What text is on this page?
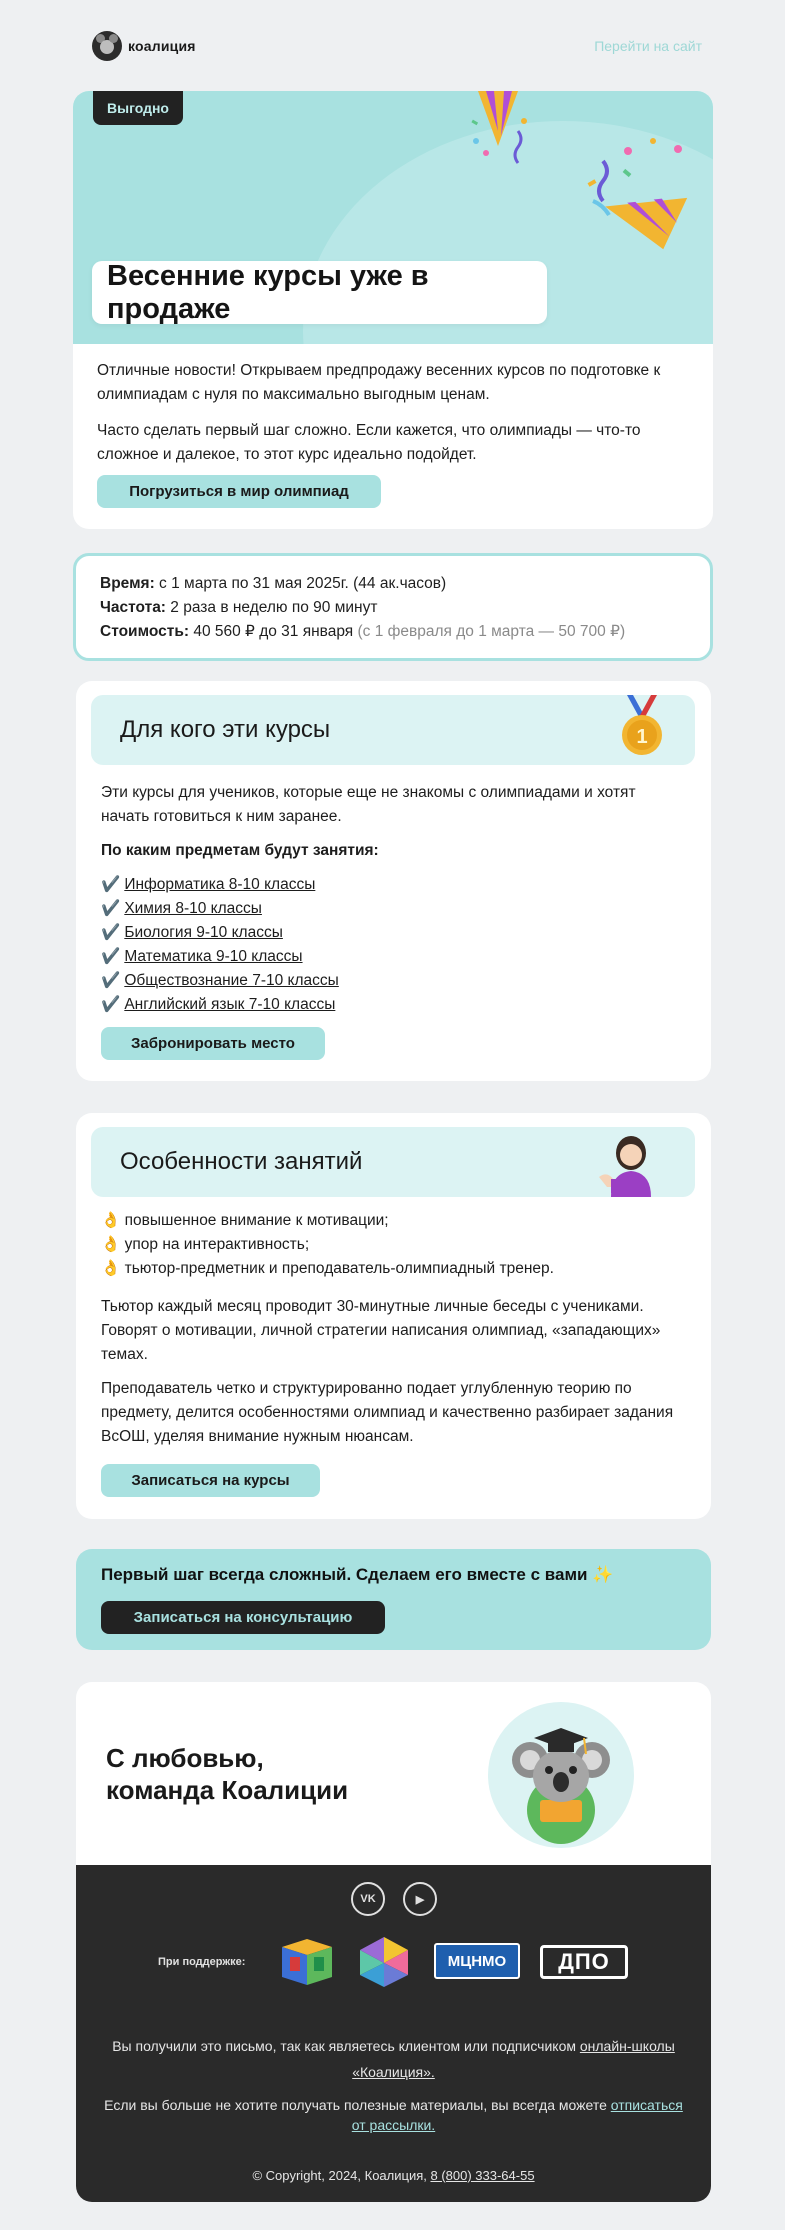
коалиция	Перейти на сайт
Выгодно
Весенние курсы уже в продаже

Отличные новости! Открываем предпродажу весенних курсов по подготовке к олимпиадам с нуля по максимально выгодным ценам.

Часто сделать первый шаг сложно. Если кажется, что олимпиады — что-то сложное и далекое, то этот курс идеально подойдет.

Погрузиться в мир олимпиад
Время: с 1 марта по 31 мая 2025г. (44 ак.часов)
Частота: 2 раза в неделю по 90 минут
Стоимость: 40 560 ₽ до 31 января (с 1 февраля до 1 марта — 50 700 ₽)
Для кого эти курсы	1

Эти курсы для учеников, которые еще не знакомы с олимпиадами и хотят начать готовиться к ним заранее.

По каким предметам будут занятия:

✔️ Информатика 8-10 классы
✔️ Химия 8-10 классы
✔️ Биология 9-10 классы
✔️ Математика 9-10 классы
✔️ Обществознание 7-10 классы
✔️ Английский язык 7-10 классы
Забронировать место
Особенности занятий
👌 повышенное внимание к мотивации;
👌 упор на интерактивность;
👌 тьютор-предметник и преподаватель-олимпиадный тренер.

Тьютор каждый месяц проводит 30-минутные личные беседы с учениками. Говорят о мотивации, личной стратегии написания олимпиад, «западающих» темах.

Преподаватель четко и структурированно подает углубленную теорию по предмету, делится особенностями олимпиад и качественно разбирает задания ВсОШ, уделяя внимание нужным нюансам.

Записаться на курсы
Первый шаг всегда сложный. Сделаем его вместе с вами ✨
Записаться на консультацию
С любовью,
команда Коалиции
VK	▶
При поддержке:	МЦНМО	ДПО
Вы получили это письмо, так как являетесь клиентом или подписчиком онлайн-школы «Коалиция».
Если вы больше не хотите получать полезные материалы, вы всегда можете отписаться от рассылки.
© Copyright, 2024, Коалиция, 8 (800) 333-64-55
